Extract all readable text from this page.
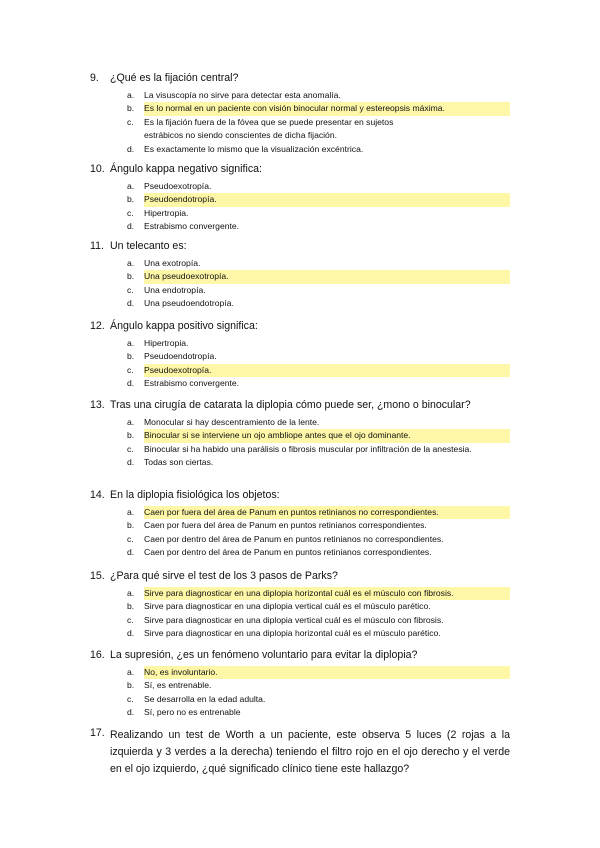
9.	¿Qué es la fijación central?
a.	La visuscopía no sirve para detectar esta anomalía.
b.	Es lo normal en un paciente con visión binocular normal y estereopsis máxima.
c.	Es la fijación fuera de la fóvea que se puede presentar en sujetos estrábicos no siendo conscientes de dicha fijación.
d.	Es exactamente lo mismo que la visualización excéntrica.
10. Ángulo kappa negativo significa:
a.	Pseudoexotropía.
b.	Pseudoendotropía.
c.	Hipertropia.
d.	Estrabismo convergente.
11. Un telecanto es:
a.	Una exotropía.
b.	Una pseudoexotropía.
c.	Una endotropía.
d.	Una pseudoendotropía.
12. Ángulo kappa positivo significa:
a.	Hipertropia.
b.	Pseudoendotropía.
c.	Pseudoexotropía.
d.	Estrabismo convergente.
13. Tras una cirugía de catarata la diplopia cómo puede ser, ¿mono o binocular?
a.	Monocular si hay descentramiento de la lente.
b.	Binocular si se interviene un ojo ambliope antes que el ojo dominante.
c.	Binocular si ha habido una parálisis o fibrosis muscular por infiltración de la anestesia.
d.	Todas son ciertas.
14. En la diplopia fisiológica los objetos:
a.	Caen por fuera del área de Panum en puntos retinianos no correspondientes.
b.	Caen por fuera del área de Panum en puntos retinianos correspondientes.
c.	Caen por dentro del área de Panum en puntos retinianos no correspondientes.
d.	Caen por dentro del área de Panum en puntos retinianos correspondientes.
15. ¿Para qué sirve el test de los 3 pasos de Parks?
a.	Sirve para diagnosticar en una diplopia horizontal cuál es el músculo con fibrosis.
b.	Sirve para diagnosticar en una diplopia vertical cuál es el músculo parético.
c.	Sirve para diagnosticar en una diplopia vertical cuál es el músculo con fibrosis.
d.	Sirve para diagnosticar en una diplopia horizontal cuál es el músculo parético.
16. La supresión, ¿es un fenómeno voluntario para evitar la diplopia?
a.	No, es involuntario.
b.	Sí, es entrenable.
c.	Se desarrolla en la edad adulta.
d.	Sí, pero no es entrenable
17. Realizando un test de Worth a un paciente, este observa 5 luces (2 rojas a la izquierda y 3 verdes a la derecha) teniendo el filtro rojo en el ojo derecho y el verde en el ojo izquierdo, ¿qué significado clínico tiene este hallazgo?
